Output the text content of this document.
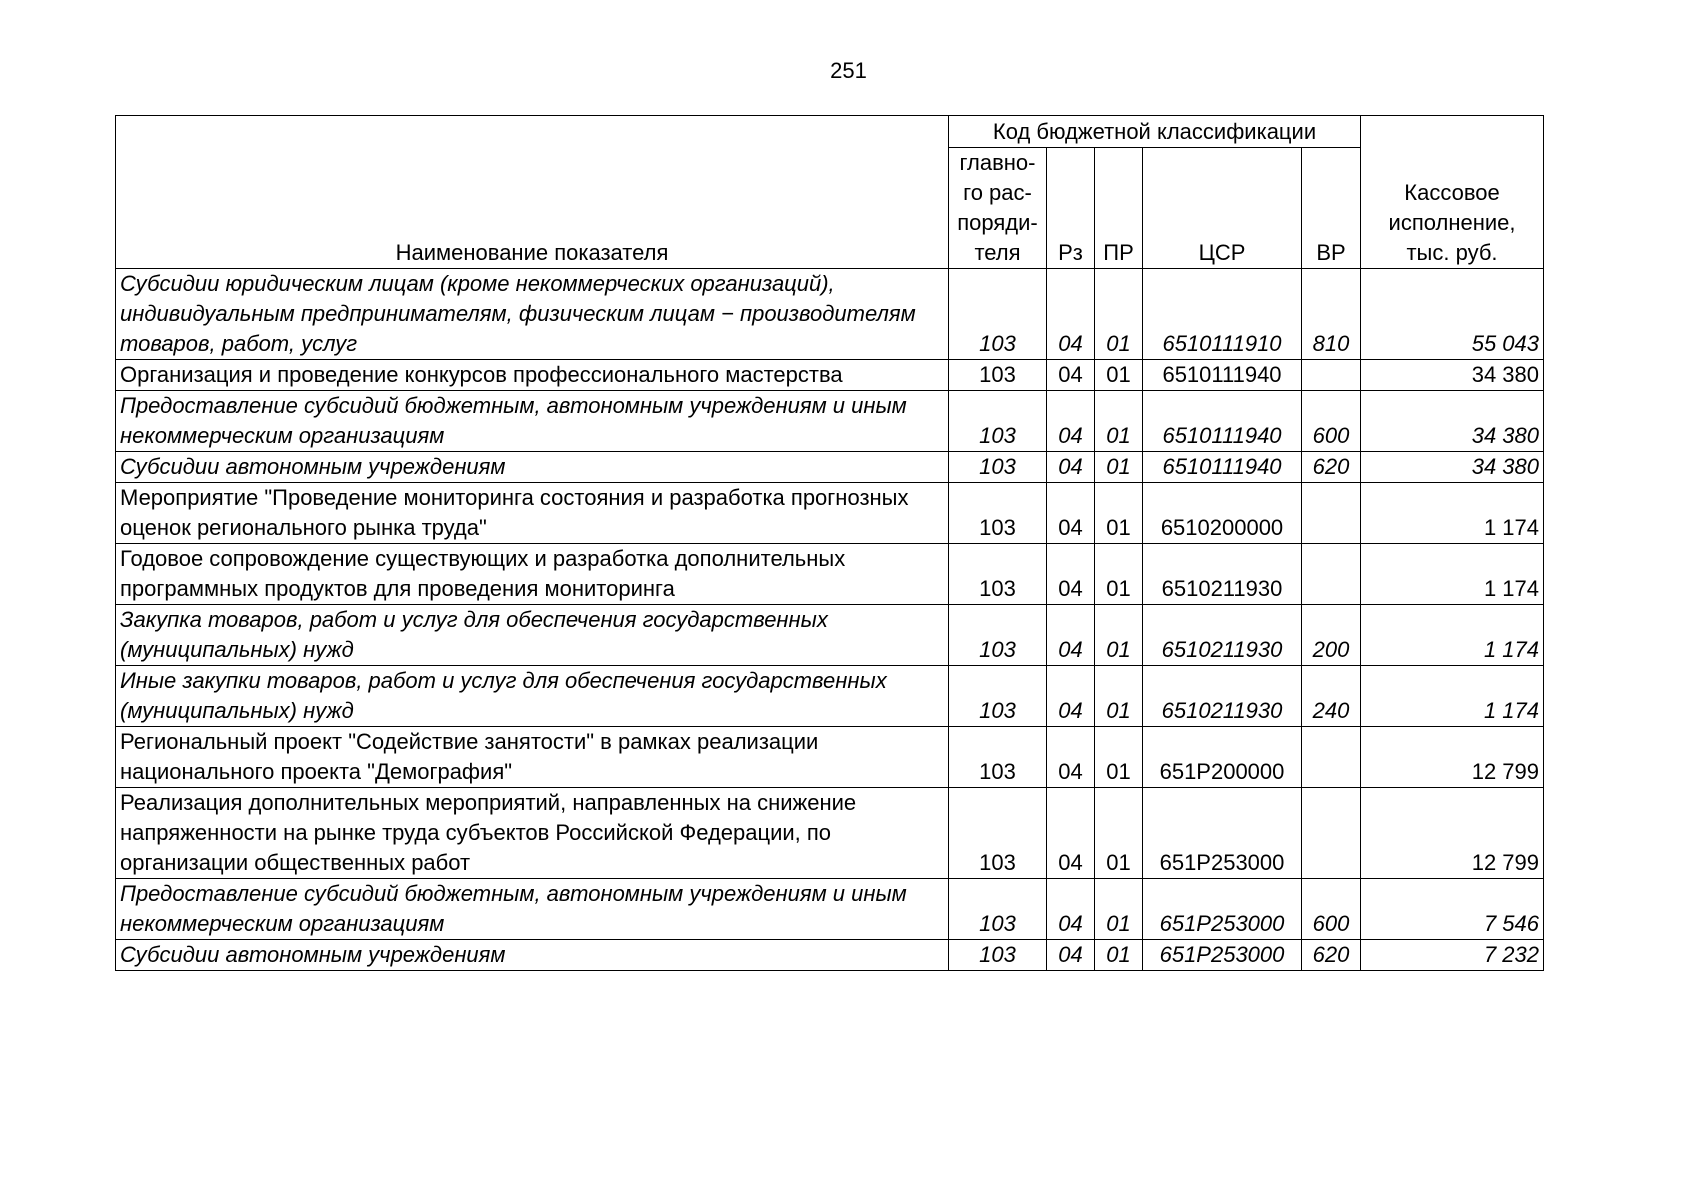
251
Наименование показателя	Код бюджетной классификации					Кассовое
исполнение,
тыс. руб.
	главно-
го рас-
поряди-
теля	Рз	ПР	ЦСР	ВР	
Субсидии юридическим лицам (кроме некоммерческих организаций), индивидуальным предпринимателям, физическим лицам − производителям товаров, работ, услуг	103	04	01	6510111910	810	55 043
Организация и проведение конкурсов профессионального мастерства	103	04	01	6510111940		34 380
Предоставление субсидий бюджетным, автономным учреждениям и иным некоммерческим организациям	103	04	01	6510111940	600	34 380
Субсидии автономным учреждениям	103	04	01	6510111940	620	34 380
Мероприятие "Проведение мониторинга состояния и разработка прогнозных оценок регионального рынка труда"	103	04	01	6510200000		1 174
Годовое сопровождение существующих и разработка дополнительных программных продуктов для проведения мониторинга	103	04	01	6510211930		1 174
Закупка товаров, работ и услуг для обеспечения государственных (муниципальных) нужд	103	04	01	6510211930	200	1 174
Иные закупки товаров, работ и услуг для обеспечения государственных (муниципальных) нужд	103	04	01	6510211930	240	1 174
Региональный проект "Содействие занятости" в рамках реализации национального проекта "Демография"	103	04	01	651P200000		12 799
Реализация дополнительных мероприятий, направленных на снижение напряженности на рынке труда субъектов Российской Федерации, по организации общественных работ	103	04	01	651P253000		12 799
Предоставление субсидий бюджетным, автономным учреждениям и иным некоммерческим организациям	103	04	01	651P253000	600	7 546
Субсидии автономным учреждениям	103	04	01	651P253000	620	7 232
